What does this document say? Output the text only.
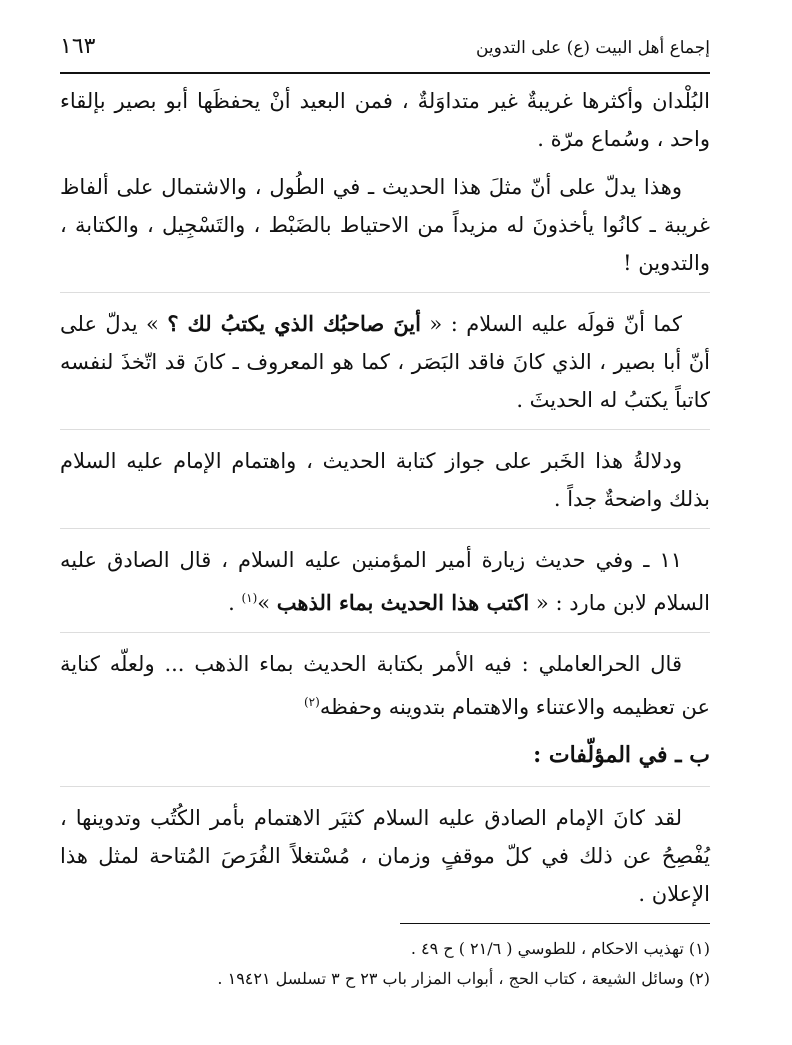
إجماع أهل البيت (ع) على التدوين
١٦٣

البُلْدان وأكثرها غريبةٌ غير متداوَلةٌ ، فمن البعيد أنْ يحفظَها أبو بصير بإلقاء واحد ، وسُماع مرّة .

وهذا يدلّ على أنّ مثلَ هذا الحديث ـ في الطُول ، والاشتمال على ألفاظ غريبة ـ كانُوا يأخذونَ له مزيداً من الاحتياط بالضَبْط ، والتَسْجِيل ، والكتابة ، والتدوين !

كما أنّ قولَه عليه السلام : « أينَ صاحبُك الذي يكتبُ لك ؟ » يدلّ على أنّ أبا بصير ، الذي كانَ فاقد البَصَر ، كما هو المعروف ـ كانَ قد اتّخذَ لنفسه كاتباً يكتبُ له الحديثَ .

ودلالةُ هذا الخَبر على جواز كتابة الحديث ، واهتمام الإمام عليه السلام بذلك واضحةٌ جداً .

١١ ـ وفي حديث زيارة أمير المؤمنين عليه السلام ، قال الصادق عليه السلام لابن مارد : « اكتب هذا الحديث بماء الذهب »$^{(١)}$ .

قال الحرالعاملي : فيه الأمر بكتابة الحديث بماء الذهب ... ولعلّه كناية عن تعظيمه والاعتناء والاهتمام بتدوينه وحفظه$^{(٢)}$

ب ـ في المؤلّفات :

لقد كانَ الإمام الصادق عليه السلام كثيَر الاهتمام بأمر الكُتُب وتدوينها ، يُفْصِحُ عن ذلك في كلّ موقفٍ وزمان ، مُسْتغلاً الفُرَصَ المُتاحة لمثل هذا الإعلان .

(١) تهذيب الاحكام ، للطوسي ( ٢١/٦ ) ح ٤٩ .

(٢) وسائل الشيعة ، كتاب الحج ، أبواب المزار باب ٢٣ ح ٣ تسلسل ١٩٤٢١ .
